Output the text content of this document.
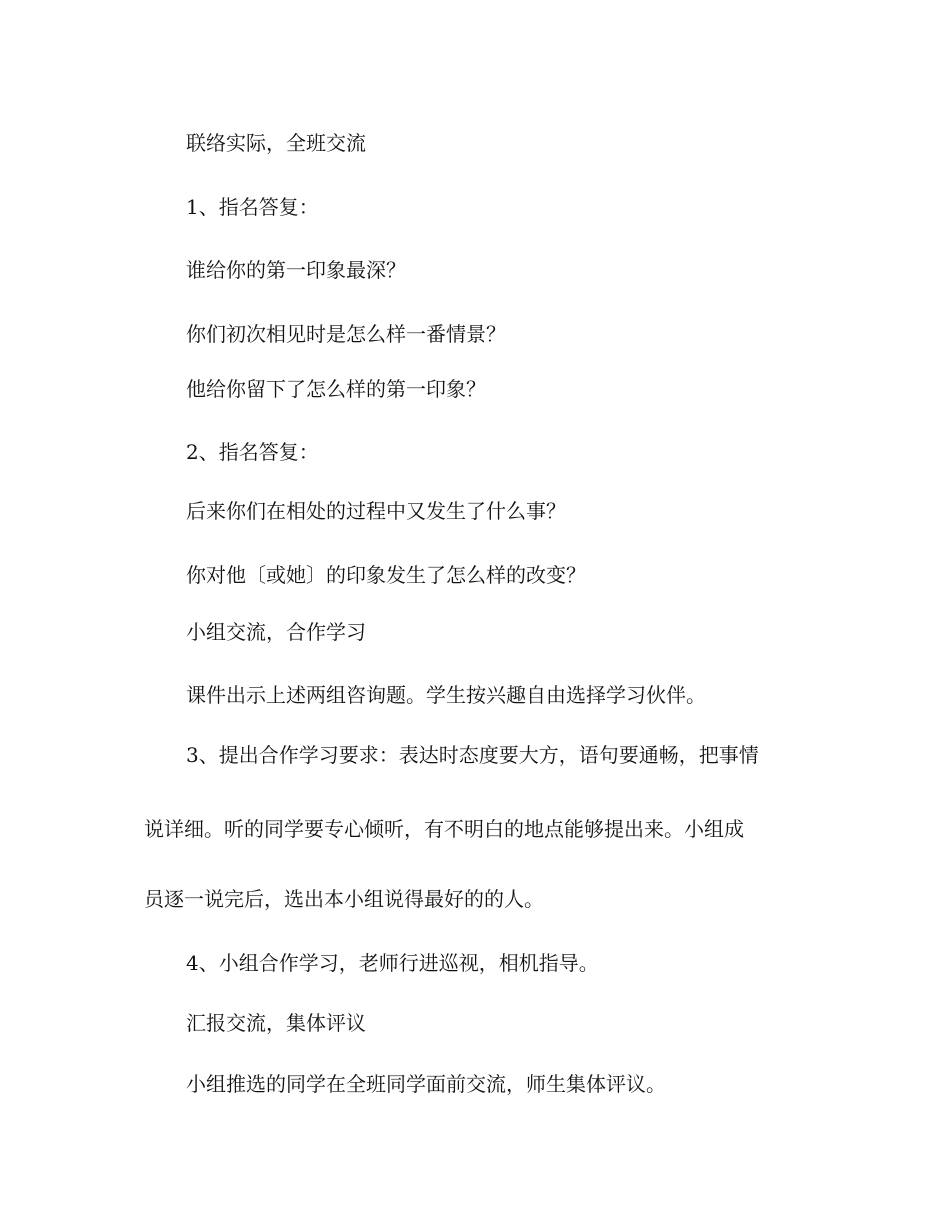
联络实际，全班交流
1、指名答复：
谁给你的第一印象最深？
你们初次相见时是怎么样一番情景？
他给你留下了怎么样的第一印象？
2、指名答复：
后来你们在相处的过程中又发生了什么事？
你对他〔或她〕的印象发生了怎么样的改变？
小组交流，合作学习
课件出示上述两组咨询题。学生按兴趣自由选择学习伙伴。
3、提出合作学习要求：表达时态度要大方，语句要通畅，把事情
说详细。听的同学要专心倾听，有不明白的地点能够提出来。小组成
员逐一说完后，选出本小组说得最好的的人。
4、小组合作学习，老师行进巡视，相机指导。
汇报交流，集体评议
小组推选的同学在全班同学面前交流，师生集体评议。
